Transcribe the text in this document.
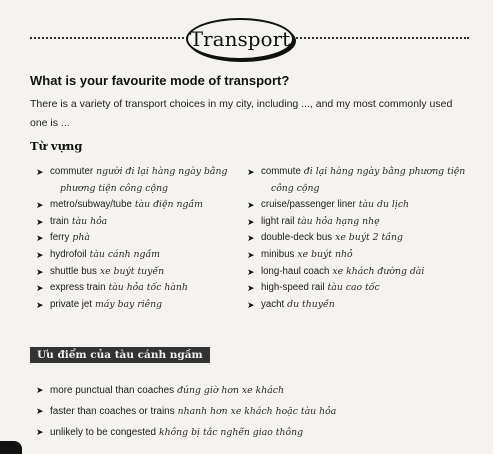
Transport
What is your favourite mode of transport?
There is a variety of transport choices in my city, including ..., and my most commonly used one is ...
Từ vựng
➤ commuter người đi lại hàng ngày bằng
phương tiện công cộng
➤ metro/subway/tube tàu điện ngầm
➤ train tàu hỏa
➤ ferry phà
➤ hydrofoil tàu cánh ngầm
➤ shuttle bus xe buýt tuyến
➤ express train tàu hỏa tốc hành
➤ private jet máy bay riêng
➤ commute đi lại hàng ngày bằng phương tiện
công cộng
➤ cruise/passenger liner tàu du lịch
➤ light rail tàu hỏa hạng nhẹ
➤ double-deck bus xe buýt 2 tầng
➤ minibus xe buýt nhỏ
➤ long-haul coach xe khách đường dài
➤ high-speed rail tàu cao tốc
➤ yacht du thuyền
Ưu điểm của tàu cánh ngầm
➤ more punctual than coaches đúng giờ hơn xe khách
➤ faster than coaches or trains nhanh hơn xe khách hoặc tàu hỏa
➤ unlikely to be congested không bị tắc nghẽn giao thông
